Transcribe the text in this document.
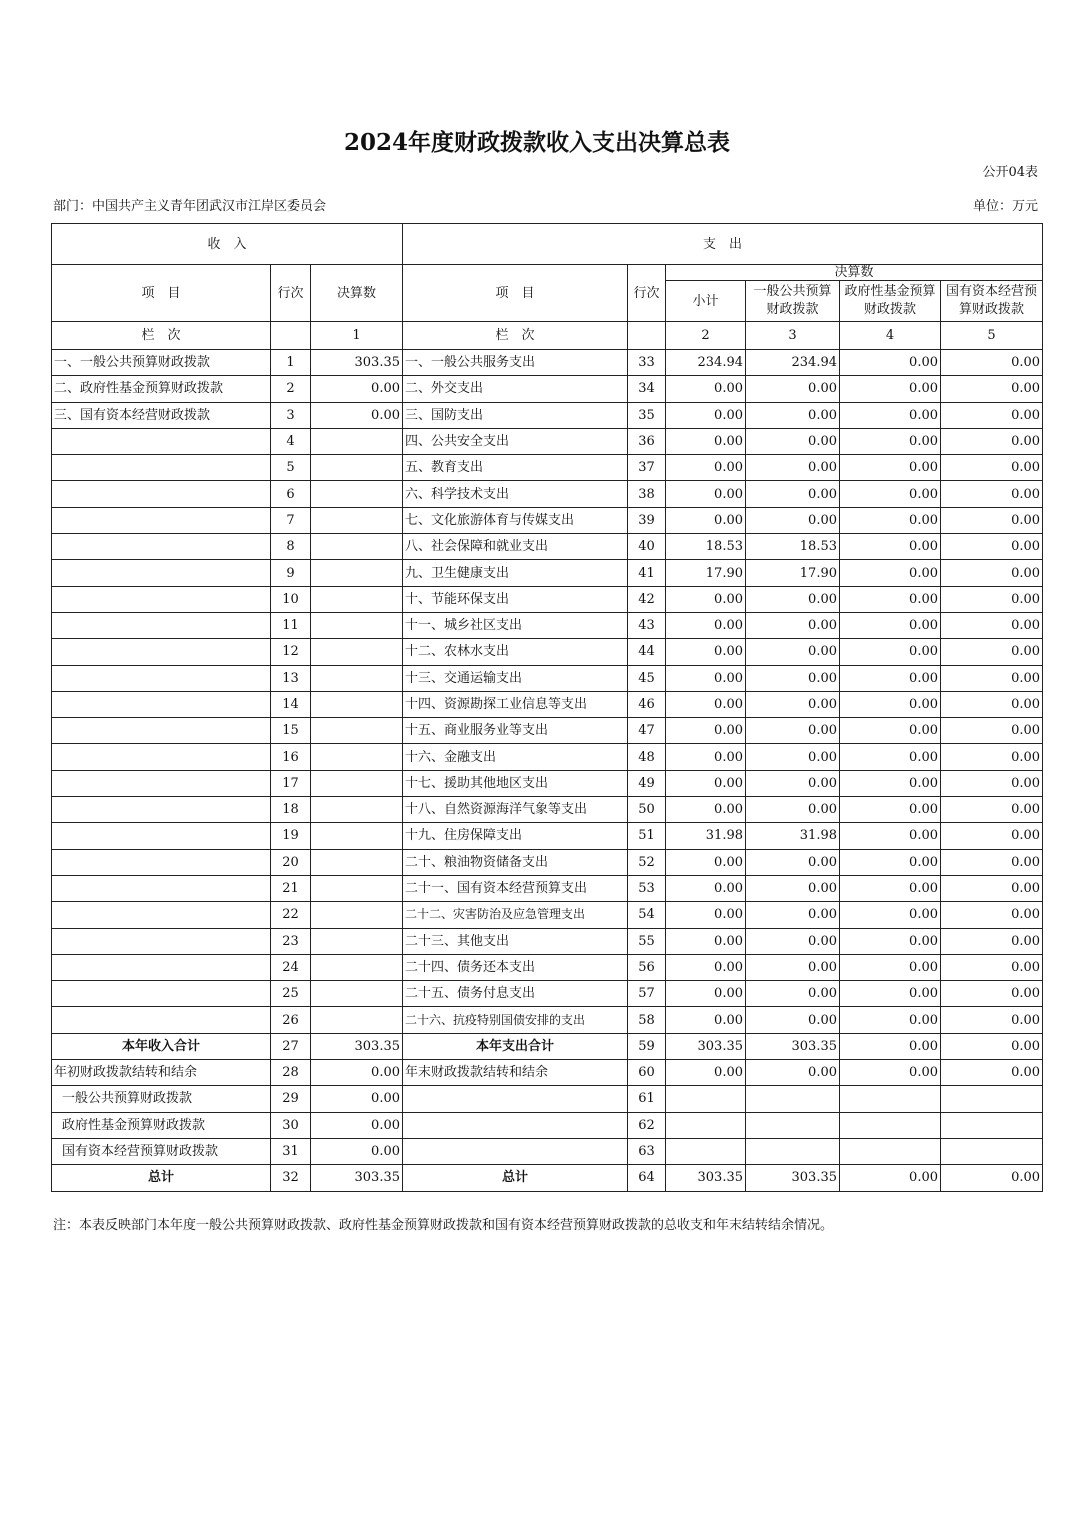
2024年度财政拨款收入支出决算总表
公开04表
部门：中国共产主义青年团武汉市江岸区委员会	单位：万元
收　入			支　出					
项　目	行次	决算数	项　目	行次	决算数			
					小计	一般公共预算财政拨款	政府性基金预算财政拨款	国有资本经营预算财政拨款
栏　次		1	栏　次		2	3	4	5
一、一般公共预算财政拨款	1	303.35	一、一般公共服务支出	33	234.94	234.94	0.00	0.00
二、政府性基金预算财政拨款	2	0.00	二、外交支出	34	0.00	0.00	0.00	0.00
三、国有资本经营财政拨款	3	0.00	三、国防支出	35	0.00	0.00	0.00	0.00
	4		四、公共安全支出	36	0.00	0.00	0.00	0.00
	5		五、教育支出	37	0.00	0.00	0.00	0.00
	6		六、科学技术支出	38	0.00	0.00	0.00	0.00
	7		七、文化旅游体育与传媒支出	39	0.00	0.00	0.00	0.00
	8		八、社会保障和就业支出	40	18.53	18.53	0.00	0.00
	9		九、卫生健康支出	41	17.90	17.90	0.00	0.00
	10		十、节能环保支出	42	0.00	0.00	0.00	0.00
	11		十一、城乡社区支出	43	0.00	0.00	0.00	0.00
	12		十二、农林水支出	44	0.00	0.00	0.00	0.00
	13		十三、交通运输支出	45	0.00	0.00	0.00	0.00
	14		十四、资源勘探工业信息等支出	46	0.00	0.00	0.00	0.00
	15		十五、商业服务业等支出	47	0.00	0.00	0.00	0.00
	16		十六、金融支出	48	0.00	0.00	0.00	0.00
	17		十七、援助其他地区支出	49	0.00	0.00	0.00	0.00
	18		十八、自然资源海洋气象等支出	50	0.00	0.00	0.00	0.00
	19		十九、住房保障支出	51	31.98	31.98	0.00	0.00
	20		二十、粮油物资储备支出	52	0.00	0.00	0.00	0.00
	21		二十一、国有资本经营预算支出	53	0.00	0.00	0.00	0.00
	22		二十二、灾害防治及应急管理支出	54	0.00	0.00	0.00	0.00
	23		二十三、其他支出	55	0.00	0.00	0.00	0.00
	24		二十四、债务还本支出	56	0.00	0.00	0.00	0.00
	25		二十五、债务付息支出	57	0.00	0.00	0.00	0.00
	26		二十六、抗疫特别国债安排的支出	58	0.00	0.00	0.00	0.00
本年收入合计	27	303.35	本年支出合计	59	303.35	303.35	0.00	0.00
年初财政拨款结转和结余	28	0.00	年末财政拨款结转和结余	60	0.00	0.00	0.00	0.00
一般公共预算财政拨款	29	0.00		61				
政府性基金预算财政拨款	30	0.00		62				
国有资本经营预算财政拨款	31	0.00		63				
总计	32	303.35	总计	64	303.35	303.35	0.00	0.00
注：本表反映部门本年度一般公共预算财政拨款、政府性基金预算财政拨款和国有资本经营预算财政拨款的总收支和年末结转结余情况。
